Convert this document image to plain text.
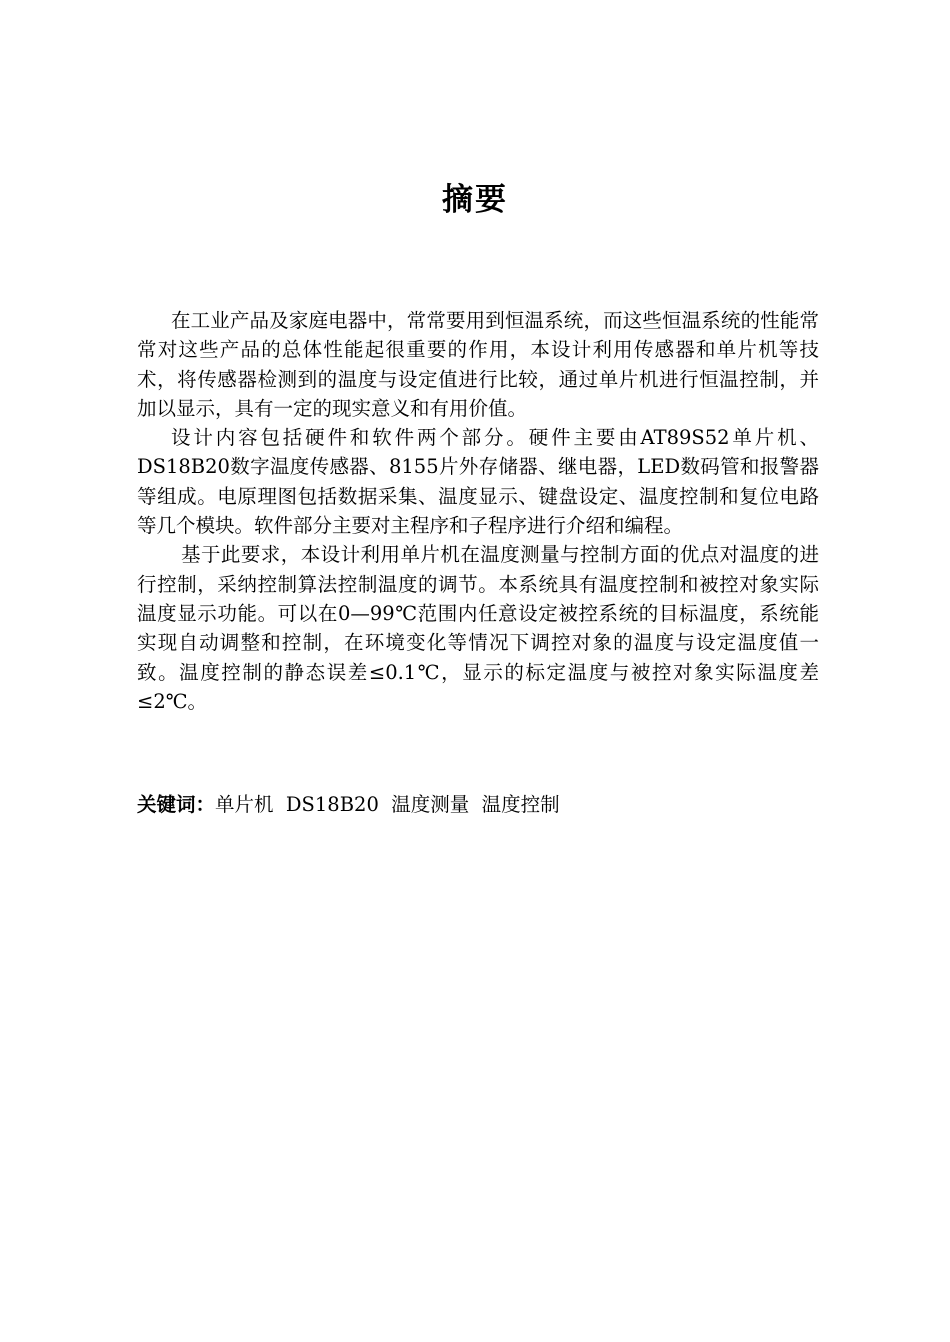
摘要

在工业产品及家庭电器中，常常要用到恒温系统，而这些恒温系统的性能常常对这些产品的总体性能起很重要的作用，本设计利用传感器和单片机等技术，将传感器检测到的温度与设定值进行比较，通过单片机进行恒温控制，并加以显示，具有一定的现实意义和有用价值。

设计内容包括硬件和软件两个部分。硬件主要由AT89S52单片机、DS18B20数字温度传感器、8155片外存储器、继电器，LED数码管和报警器等组成。电原理图包括数据采集、温度显示、键盘设定、温度控制和复位电路等几个模块。软件部分主要对主程序和子程序进行介绍和编程。

基于此要求，本设计利用单片机在温度测量与控制方面的优点对温度的进行控制，采纳控制算法控制温度的调节。本系统具有温度控制和被控对象实际温度显示功能。可以在0—99℃范围内任意设定被控系统的目标温度，系统能实现自动调整和控制，在环境变化等情况下调控对象的温度与设定温度值一致。温度控制的静态误差≤0.1℃，显示的标定温度与被控对象实际温度差≤2℃。

关键词：单片机  DS18B20  温度测量  温度控制
